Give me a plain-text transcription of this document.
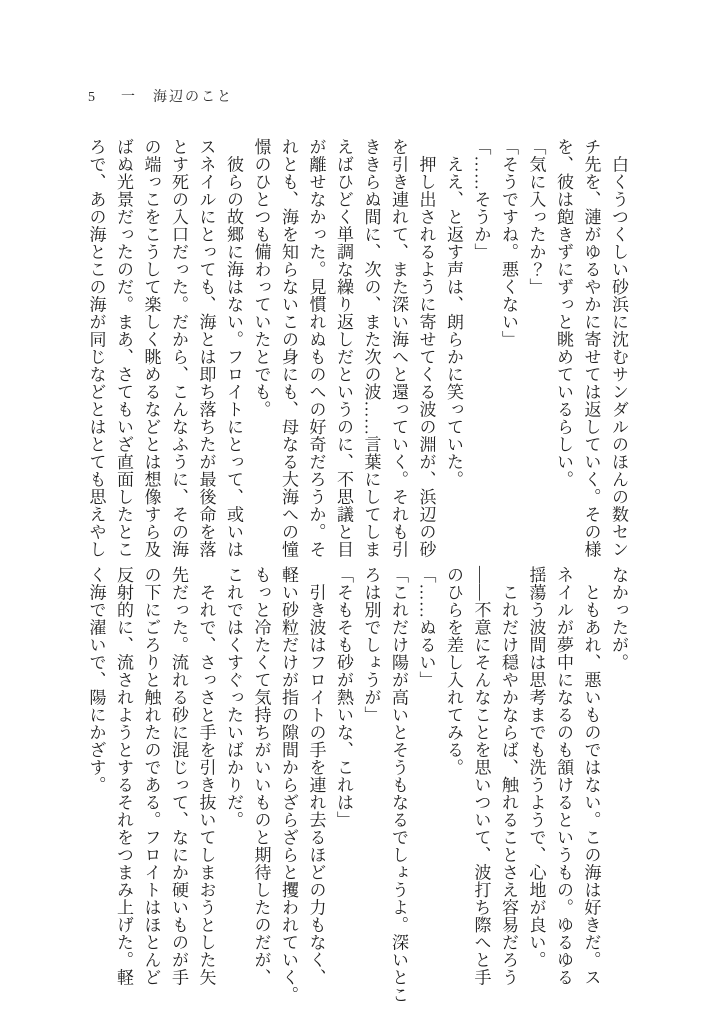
5 一　海辺のこと

　白くうつくしい砂浜に沈むサンダルのほんの数セン

チ先を、漣がゆるやかに寄せては返していく。その様

を、彼は飽きずにずっと眺めているらしい。

「気に入ったか？」

「そうですね。悪くない」

「……そうか」

　ええ、と返す声は、朗らかに笑っていた。

　押し出されるように寄せてくる波の淵が、浜辺の砂

を引き連れて、また深い海へと還っていく。それも引

ききらぬ間に、次の、また次の波……言葉にしてしま

えばひどく単調な繰り返しだというのに、不思議と目

が離せなかった。見慣れぬものへの好奇だろうか。そ

れとも、海を知らないこの身にも、母なる大海への憧

憬のひとつも備わっていたとでも。

　彼らの故郷に海はない。フロイトにとって、或いは

スネイルにとっても、海とは即ち落ちたが最後命を落

とす死の入口だった。だから、こんなふうに、その海

の端っこをこうして楽しく眺めるなどとは想像すら及

ばぬ光景だったのだ。まあ、さてもいざ直面したとこ

ろで、あの海とこの海が同じなどとはとても思えやし

なかったが。

　ともあれ、悪いものではない。この海は好きだ。ス

ネイルが夢中になるのも頷けるというもの。ゆるゆる

揺蕩う波間は思考までも洗うようで、心地が良い。

　これだけ穏やかならば、触れることさえ容易だろう

——不意にそんなことを思いついて、波打ち際へと手

のひらを差し入れてみる。

「……ぬるい」

「これだけ陽が高いとそうもなるでしょうよ。深いとこ

ろは別でしょうが」

「そもそも砂が熱いな、これは」

　引き波はフロイトの手を連れ去るほどの力もなく、

軽い砂粒だけが指の隙間からざらざらと攫われていく。

もっと冷たくて気持ちがいいものと期待したのだが、

これではくすぐったいばかりだ。

　それで、さっさと手を引き抜いてしまおうとした矢

先だった。流れる砂に混じって、なにか硬いものが手

の下にごろりと触れたのである。フロイトはほとんど

反射的に、流されようとするそれをつまみ上げた。軽

く海で濯いで、陽にかざす。
